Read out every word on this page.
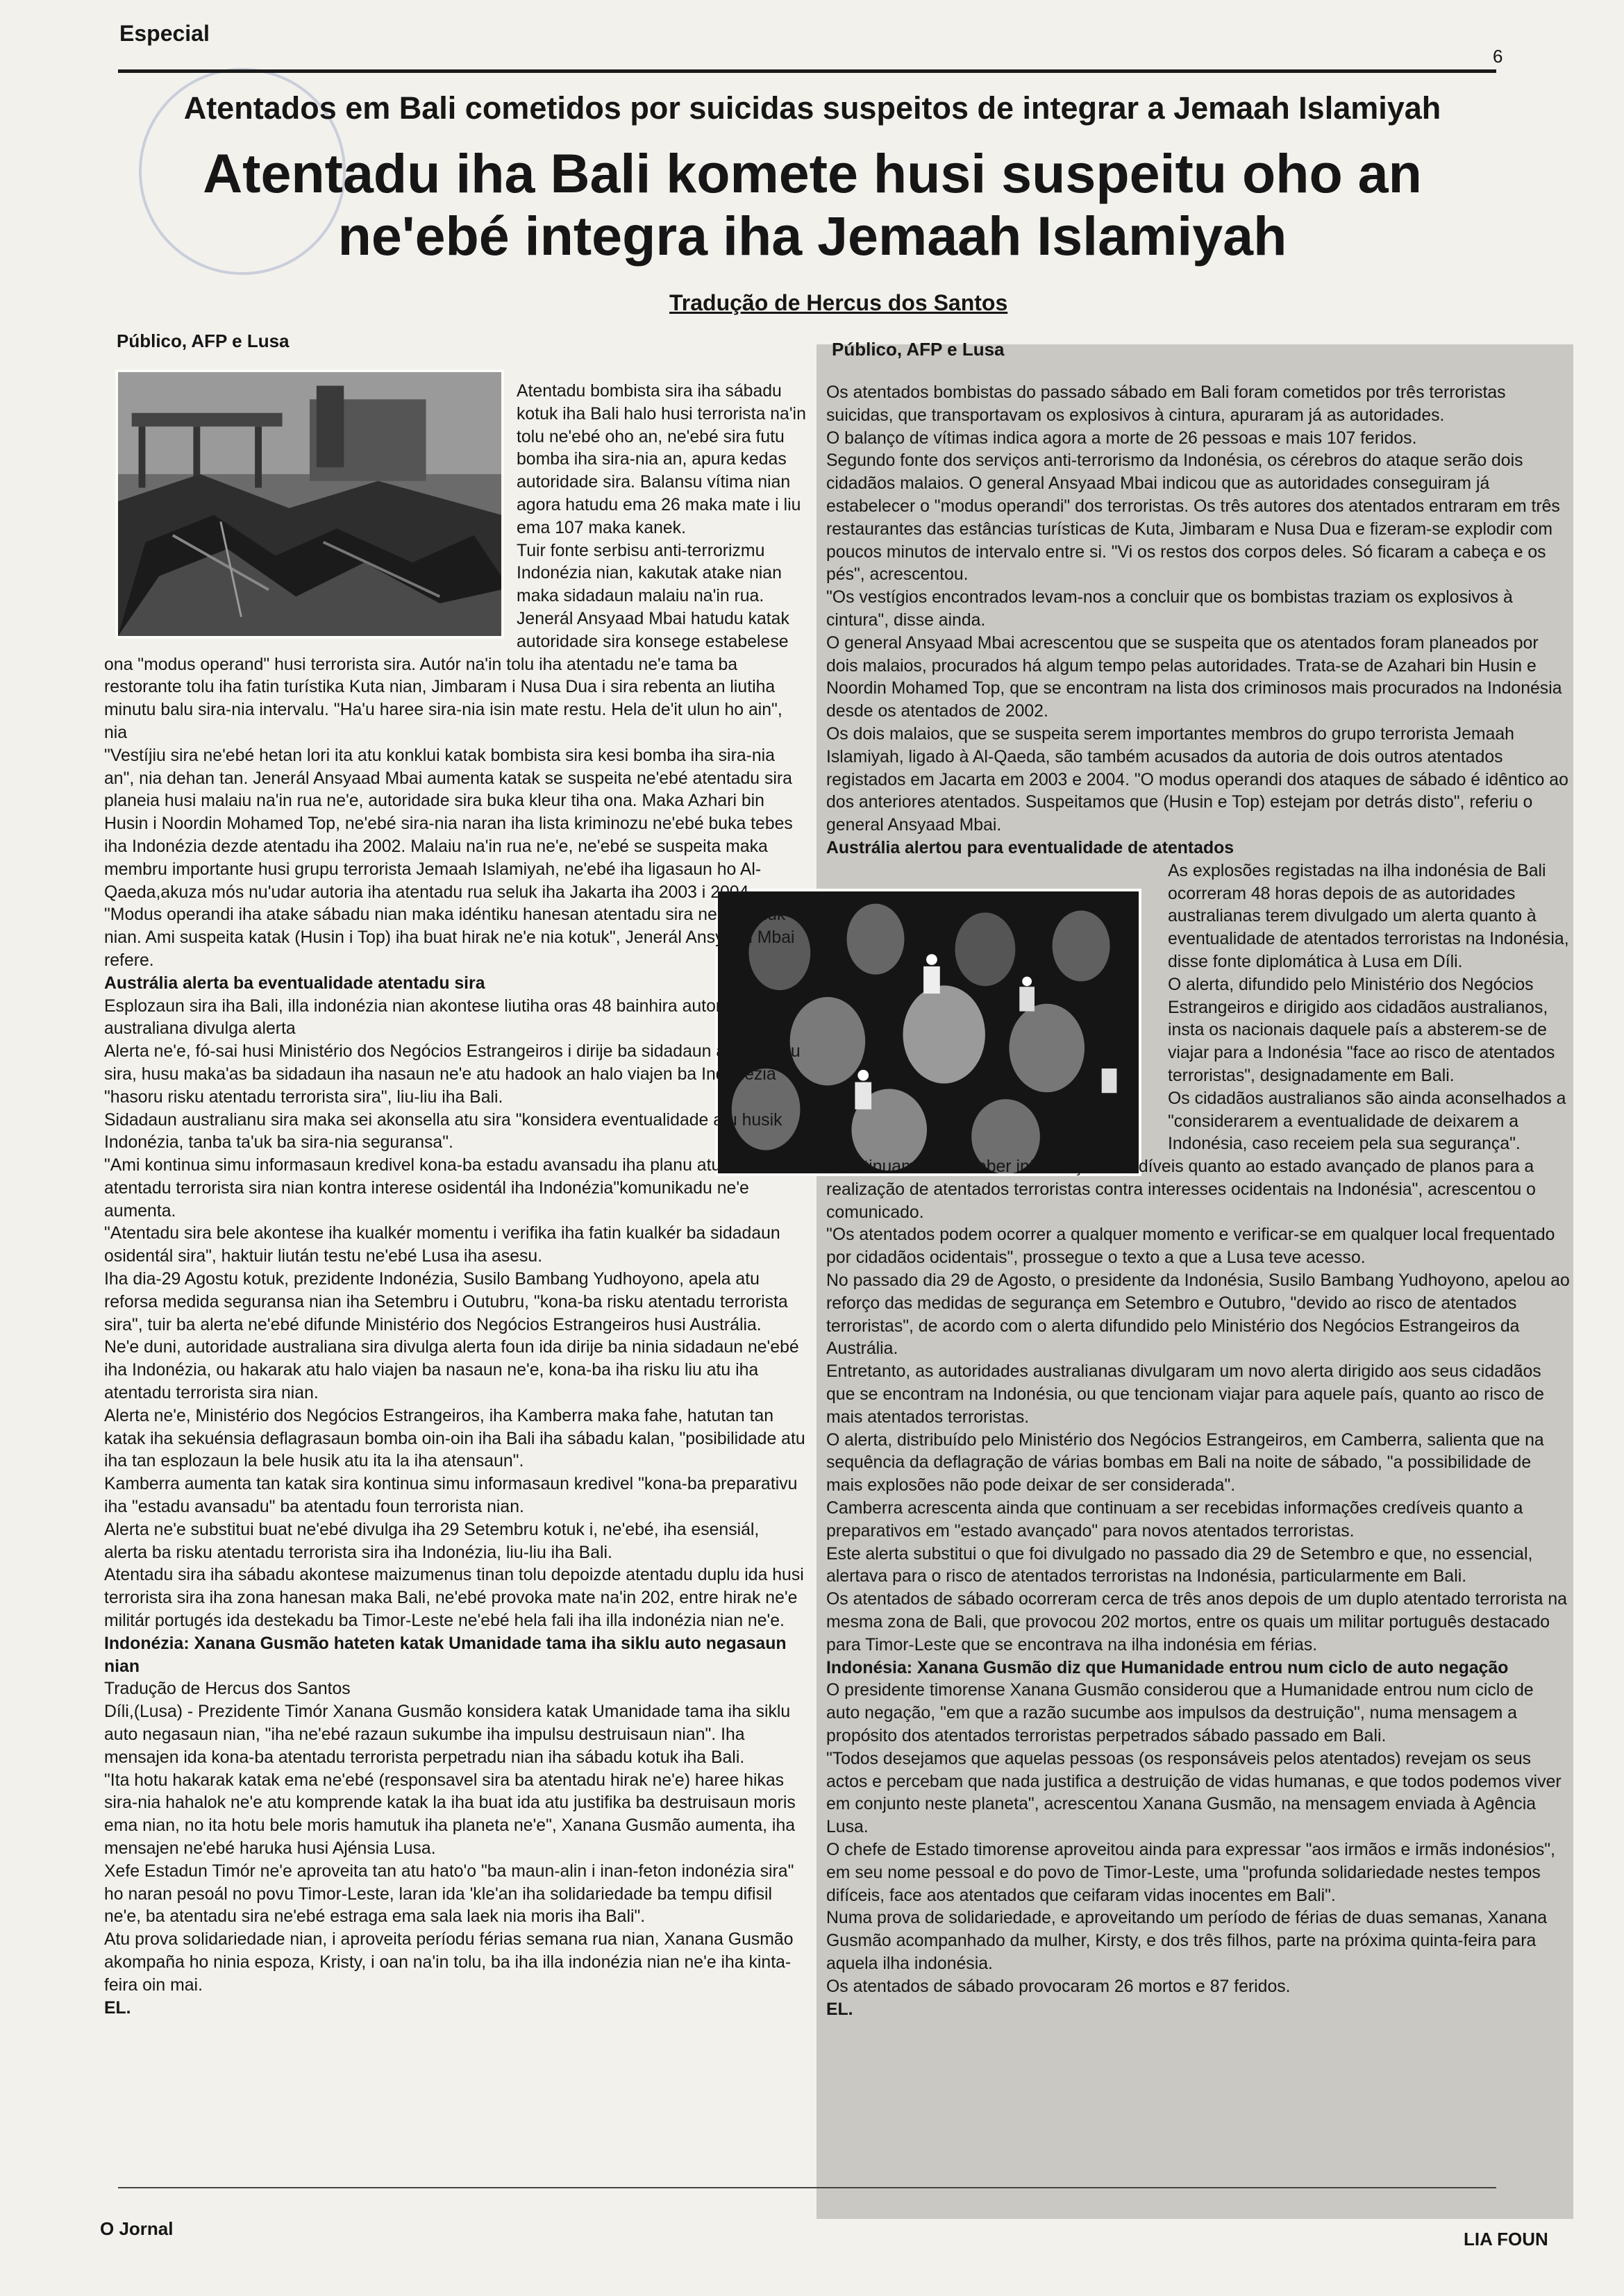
Especial
6
Atentados em Bali cometidos por suicidas suspeitos de integrar a Jemaah Islamiyah
Atentadu iha Bali komete husi suspeitu oho an
ne'ebé integra iha Jemaah Islamiyah
Tradução de Hercus dos Santos
Público, AFP e Lusa	Público, AFP e Lusa

Atentadu bombista sira iha sábadu kotuk iha Bali halo husi terrorista na'in tolu ne'ebé oho an, ne'ebé sira futu bomba iha sira-nia an, apura kedas autoridade sira. Balansu vítima nian agora hatudu ema 26 maka mate i liu ema 107 maka kanek.

Tuir fonte serbisu anti-terrorizmu Indonézia nian, kakutak atake nian maka sidadaun malaiu na'in rua. Jenerál Ansyaad Mbai hatudu katak autoridade sira konsege estabelese ona "modus operand" husi terrorista sira. Autór na'in tolu iha atentadu ne'e tama ba restorante tolu iha fatin turístika Kuta nian, Jimbaram i Nusa Dua i sira rebenta an liutiha minutu balu sira-nia intervalu. "Ha'u haree sira-nia isin mate restu. Hela de'it ulun ho ain", nia

"Vestíjiu sira ne'ebé hetan lori ita atu konklui katak bombista sira kesi bomba iha sira-nia an", nia dehan tan. Jenerál Ansyaad Mbai aumenta katak se suspeita ne'ebé atentadu sira planeia husi malaiu na'in rua ne'e, autoridade sira buka kleur tiha ona. Maka Azhari bin Husin i Noordin Mohamed Top, ne'ebé sira-nia naran iha lista kriminozu ne'ebé buka tebes iha Indonézia dezde atentadu iha 2002. Malaiu na'in rua ne'e, ne'ebé se suspeita maka membru importante husi grupu terrorista Jemaah Islamiyah, ne'ebé iha ligasaun ho Al-Qaeda,akuza mós nu'udar autoria iha atentadu rua seluk iha Jakarta iha 2003 i 2004. "Modus operandi iha atake sábadu nian maka idéntiku hanesan atentadu sira ne'ebé uluk nian. Ami suspeita katak (Husin i Top) iha buat hirak ne'e nia kotuk", Jenerál Ansyaad Mbai refere.

Austrália alerta ba eventualidade atentadu sira

Esplozaun sira iha Bali, illa indonézia nian akontese liutiha oras 48 bainhira autoridade australiana divulga alerta

Alerta ne'e, fó-sai husi Ministério dos Negócios Estrangeiros i dirije ba sidadaun australianu sira, husu maka'as ba sidadaun iha nasaun ne'e atu hadook an halo viajen ba Indonézia "hasoru risku atentadu terrorista sira", liu-liu iha Bali.

Sidadaun australianu sira maka sei akonsella atu sira "konsidera eventualidade atu husik Indonézia, tanba ta'uk ba sira-nia seguransa".

"Ami kontinua simu informasaun kredivel kona-ba estadu avansadu iha planu atu realiza atentadu terrorista sira nian kontra interese osidentál iha Indonézia"komunikadu ne'e aumenta.

"Atentadu sira bele akontese iha kualkér momentu i verifika iha fatin kualkér ba sidadaun osidentál sira", haktuir liután testu ne'ebé Lusa iha asesu.

Iha dia-29 Agostu kotuk, prezidente Indonézia, Susilo Bambang Yudhoyono, apela atu reforsa medida seguransa nian iha Setembru i Outubru, "kona-ba risku atentadu terrorista sira", tuir ba alerta ne'ebé difunde Ministério dos Negócios Estrangeiros husi Austrália.

Ne'e duni, autoridade australiana sira divulga alerta foun ida dirije ba ninia sidadaun ne'ebé iha Indonézia, ou hakarak atu halo viajen ba nasaun ne'e, kona-ba iha risku liu atu iha atentadu terrorista sira nian.

Alerta ne'e, Ministério dos Negócios Estrangeiros, iha Kamberra maka fahe, hatutan tan katak iha sekuénsia deflagrasaun bomba oin-oin iha Bali iha sábadu kalan, "posibilidade atu iha tan esplozaun la bele husik atu ita la iha atensaun".

Kamberra aumenta tan katak sira kontinua simu informasaun kredivel "kona-ba preparativu iha "estadu avansadu" ba atentadu foun terrorista nian.

Alerta ne'e substitui buat ne'ebé divulga iha 29 Setembru kotuk i, ne'ebé, iha esensiál, alerta ba risku atentadu terrorista sira iha Indonézia, liu-liu iha Bali.

Atentadu sira iha sábadu akontese maizumenus tinan tolu depoizde atentadu duplu ida husi terrorista sira iha zona hanesan maka Bali, ne'ebé provoka mate na'in 202, entre hirak ne'e militár portugés ida destekadu ba Timor-Leste ne'ebé hela fali iha illa indonézia nian ne'e.

Indonézia: Xanana Gusmão hateten katak Umanidade tama iha siklu auto negasaun nian

Tradução de Hercus dos Santos

Díli,(Lusa) - Prezidente Timór Xanana Gusmão konsidera katak Umanidade tama iha siklu auto negasaun nian, "iha ne'ebé razaun sukumbe iha impulsu destruisaun nian". Iha mensajen ida kona-ba atentadu terrorista perpetradu nian iha sábadu kotuk iha Bali.

"Ita hotu hakarak katak ema ne'ebé (responsavel sira ba atentadu hirak ne'e) haree hikas sira-nia hahalok ne'e atu komprende katak la iha buat ida atu justifika ba destruisaun moris ema nian, no ita hotu bele moris hamutuk iha planeta ne'e", Xanana Gusmão aumenta, iha mensajen ne'ebé haruka husi Ajénsia Lusa.

Xefe Estadun Timór ne'e aproveita tan atu hato'o "ba maun-alin i inan-feton indonézia sira" ho naran pesoál no povu Timor-Leste, laran ida 'kle'an iha solidariedade ba tempu difisil ne'e, ba atentadu sira ne'ebé estraga ema sala laek nia moris iha Bali".

Atu prova solidariedade nian, i aproveita períodu férias semana rua nian, Xanana Gusmão akompaña ho ninia espoza, Kristy, i oan na'in tolu, ba iha illa indonézia nian ne'e iha kinta-feira oin mai.

EL.

Os atentados bombistas do passado sábado em Bali foram cometidos por três terroristas suicidas, que transportavam os explosivos à cintura, apuraram já as autoridades.

O balanço de vítimas indica agora a morte de 26 pessoas e mais 107 feridos.

Segundo fonte dos serviços anti-terrorismo da Indonésia, os cérebros do ataque serão dois cidadãos malaios. O general Ansyaad Mbai indicou que as autoridades conseguiram já estabelecer o "modus operandi" dos terroristas. Os três autores dos atentados entraram em três restaurantes das estâncias turísticas de Kuta, Jimbaram e Nusa Dua e fizeram-se explodir com poucos minutos de intervalo entre si. "Vi os restos dos corpos deles. Só ficaram a cabeça e os pés", acrescentou.

"Os vestígios encontrados levam-nos a concluir que os bombistas traziam os explosivos à cintura", disse ainda.

O general Ansyaad Mbai acrescentou que se suspeita que os atentados foram planeados por dois malaios, procurados há algum tempo pelas autoridades. Trata-se de Azahari bin Husin e Noordin Mohamed Top, que se encontram na lista dos criminosos mais procurados na Indonésia desde os atentados de 2002.

Os dois malaios, que se suspeita serem importantes membros do grupo terrorista Jemaah Islamiyah, ligado à Al-Qaeda, são também acusados da autoria de dois outros atentados registados em Jacarta em 2003 e 2004. "O modus operandi dos ataques de sábado é idêntico ao dos anteriores atentados. Suspeitamos que (Husin e Top) estejam por detrás disto", referiu o general Ansyaad Mbai.

Austrália alertou para eventualidade de atentados

As explosões registadas na ilha indonésia de Bali ocorreram 48 horas depois de as autoridades australianas terem divulgado um alerta quanto à eventualidade de atentados terroristas na Indonésia, disse fonte diplomática à Lusa em Díli.

O alerta, difundido pelo Ministério dos Negócios Estrangeiros e dirigido aos cidadãos australianos, insta os nacionais daquele país a absterem-se de viajar para a Indonésia "face ao risco de atentados terroristas", designadamente em Bali.

Os cidadãos australianos são ainda aconselhados a "considerarem a eventualidade de deixarem a Indonésia, caso receiem pela sua segurança".

"Continuamos a receber informações credíveis quanto ao estado avançado de planos para a realização de atentados terroristas contra interesses ocidentais na Indonésia", acrescentou o comunicado.

"Os atentados podem ocorrer a qualquer momento e verificar-se em qualquer local frequentado por cidadãos ocidentais", prossegue o texto a que a Lusa teve acesso.

No passado dia 29 de Agosto, o presidente da Indonésia, Susilo Bambang Yudhoyono, apelou ao reforço das medidas de segurança em Setembro e Outubro, "devido ao risco de atentados terroristas", de acordo com o alerta difundido pelo Ministério dos Negócios Estrangeiros da Austrália.

Entretanto, as autoridades australianas divulgaram um novo alerta dirigido aos seus cidadãos que se encontram na Indonésia, ou que tencionam viajar para aquele país, quanto ao risco de mais atentados terroristas.

O alerta, distribuído pelo Ministério dos Negócios Estrangeiros, em Camberra, salienta que na sequência da deflagração de várias bombas em Bali na noite de sábado, "a possibilidade de mais explosões não pode deixar de ser considerada".

Camberra acrescenta ainda que continuam a ser recebidas informações credíveis quanto a preparativos em "estado avançado" para novos atentados terroristas.

Este alerta substitui o que foi divulgado no passado dia 29 de Setembro e que, no essencial, alertava para o risco de atentados terroristas na Indonésia, particularmente em Bali.

Os atentados de sábado ocorreram cerca de três anos depois de um duplo atentado terrorista na mesma zona de Bali, que provocou 202 mortos, entre os quais um militar português destacado para Timor-Leste que se encontrava na ilha indonésia em férias.

Indonésia: Xanana Gusmão diz que Humanidade entrou num ciclo de auto negação

O presidente timorense Xanana Gusmão considerou que a Humanidade entrou num ciclo de auto negação, "em que a razão sucumbe aos impulsos da destruição", numa mensagem a propósito dos atentados terroristas perpetrados sábado passado em Bali.

"Todos desejamos que aquelas pessoas (os responsáveis pelos atentados) revejam os seus actos e percebam que nada justifica a destruição de vidas humanas, e que todos podemos viver em conjunto neste planeta", acrescentou Xanana Gusmão, na mensagem enviada à Agência Lusa.

O chefe de Estado timorense aproveitou ainda para expressar "aos irmãos e irmãs indonésios", em seu nome pessoal e do povo de Timor-Leste, uma "profunda solidariedade nestes tempos difíceis, face aos atentados que ceifaram vidas inocentes em Bali".

Numa prova de solidariedade, e aproveitando um período de férias de duas semanas, Xanana Gusmão acompanhado da mulher, Kirsty, e dos três filhos, parte na próxima quinta-feira para aquela ilha indonésia.

Os atentados de sábado provocaram 26 mortos e 87 feridos.

EL.

O Jornal	LIA FOUN
